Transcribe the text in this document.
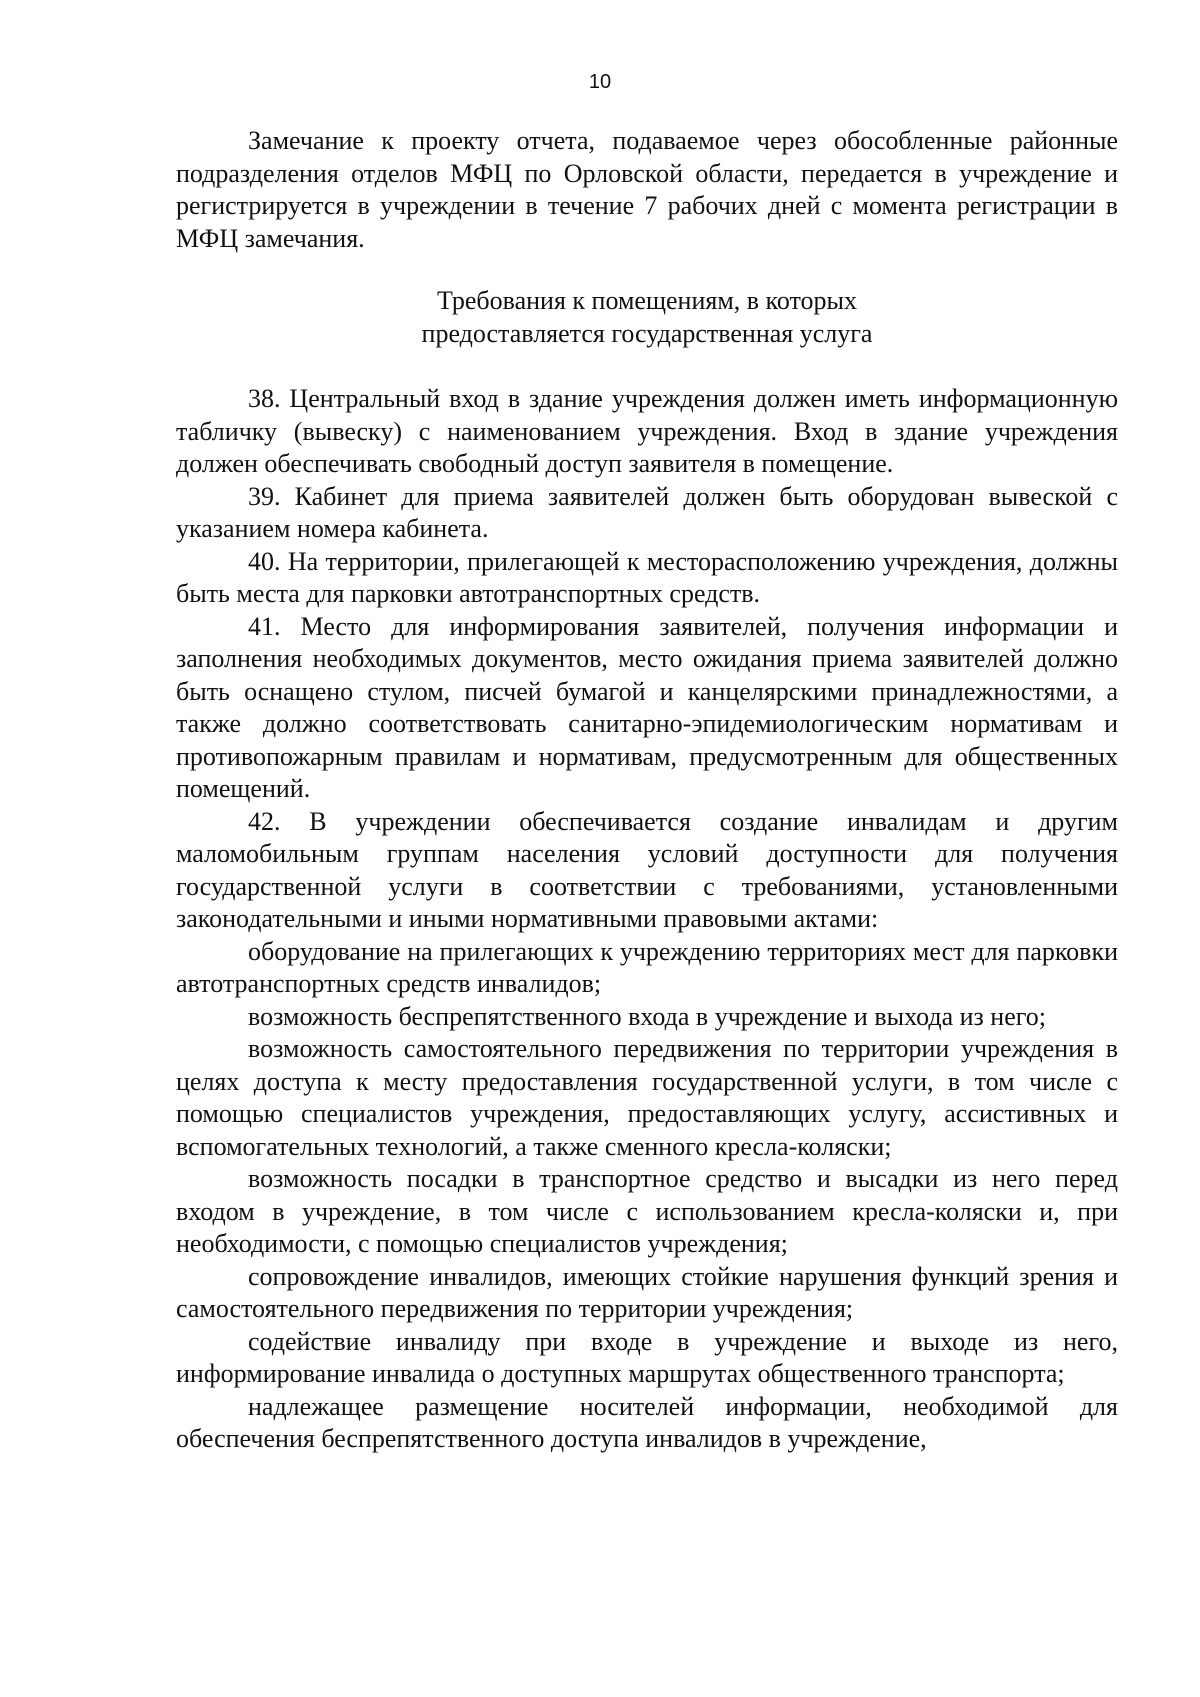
10

Замечание к проекту отчета, подаваемое через обособленные районные подразделения отделов МФЦ по Орловской области, передается в учреждение и регистрируется в учреждении в течение 7 рабочих дней с момента регистрации в МФЦ замечания.

Требования к помещениям, в которых
предоставляется государственная услуга

38. Центральный вход в здание учреждения должен иметь информационную табличку (вывеску) с наименованием учреждения. Вход в здание учреждения должен обеспечивать свободный доступ заявителя в помещение.

39. Кабинет для приема заявителей должен быть оборудован вывеской с указанием номера кабинета.

40. На территории, прилегающей к месторасположению учреждения, должны быть места для парковки автотранспортных средств.

41. Место для информирования заявителей, получения информации и заполнения необходимых документов, место ожидания приема заявителей должно быть оснащено стулом, писчей бумагой и канцелярскими принадлежностями, а также должно соответствовать санитарно-эпидемиологическим нормативам и противопожарным правилам и нормативам, предусмотренным для общественных помещений.

42. В учреждении обеспечивается создание инвалидам и другим маломобильным группам населения условий доступности для получения государственной услуги в соответствии с требованиями, установленными законодательными и иными нормативными правовыми актами:

оборудование на прилегающих к учреждению территориях мест для парковки автотранспортных средств инвалидов;

возможность беспрепятственного входа в учреждение и выхода из него;

возможность самостоятельного передвижения по территории учреждения в целях доступа к месту предоставления государственной услуги, в том числе с помощью специалистов учреждения, предоставляющих услугу, ассистивных и вспомогательных технологий, а также сменного кресла-коляски;

возможность посадки в транспортное средство и высадки из него перед входом в учреждение, в том числе с использованием кресла-коляски и, при необходимости, с помощью специалистов учреждения;

сопровождение инвалидов, имеющих стойкие нарушения функций зрения и самостоятельного передвижения по территории учреждения;

содействие инвалиду при входе в учреждение и выходе из него, информирование инвалида о доступных маршрутах общественного транспорта;

надлежащее размещение носителей информации, необходимой для обеспечения беспрепятственного доступа инвалидов в учреждение,
